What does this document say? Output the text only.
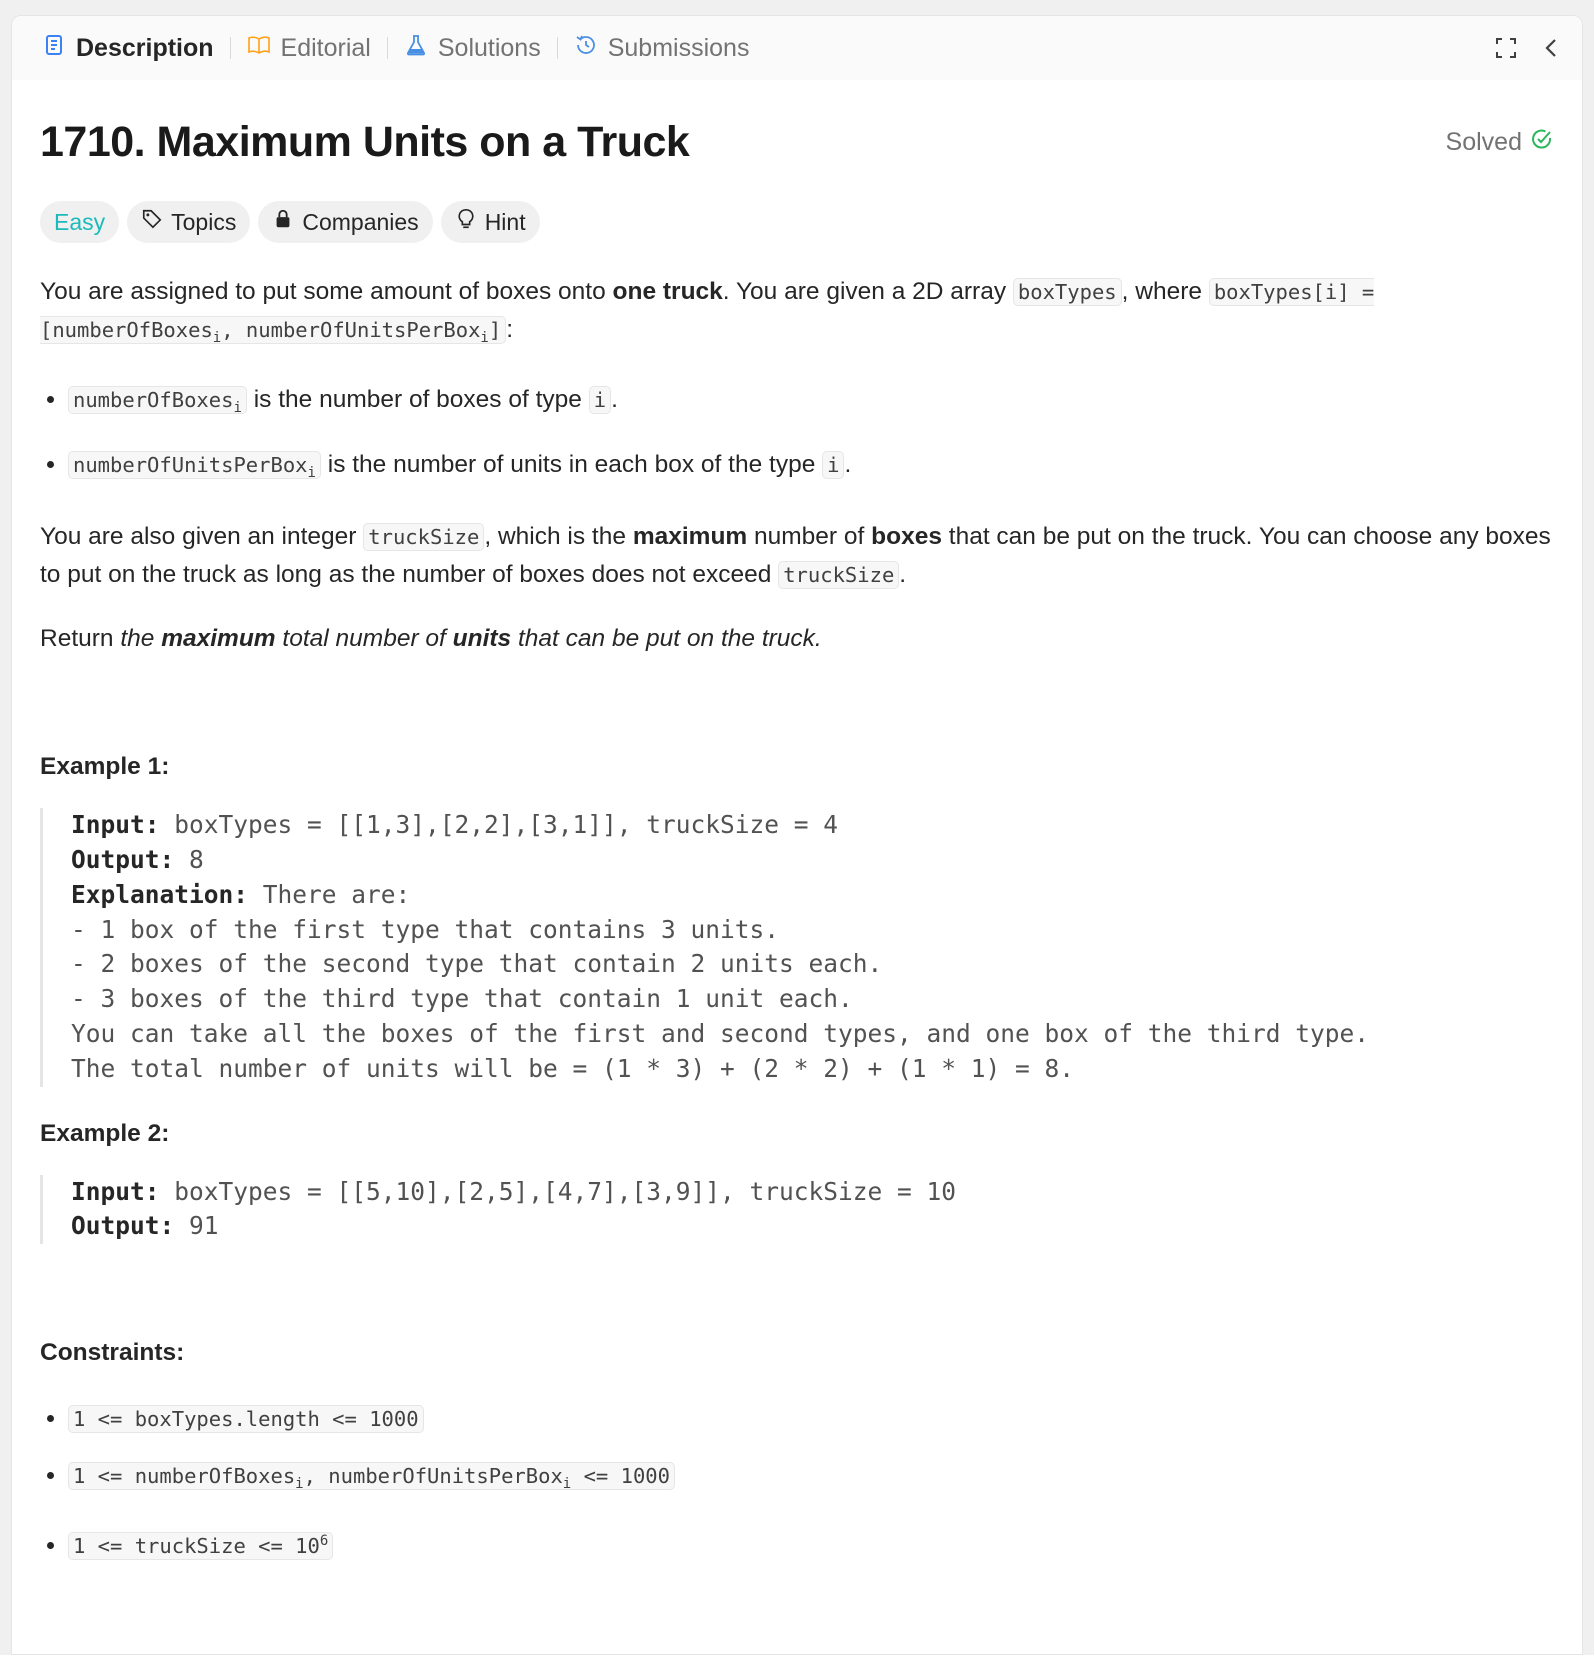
Description	Editorial	Solutions	Submissions
1710. Maximum Units on a Truck	Solved
Easy	Topics	Companies	Hint

You are assigned to put some amount of boxes onto one truck. You are given a 2D array boxTypes , where boxTypes[i] = [numberOfBoxes$_i$, numberOfUnitsPerBox$_i$] :

• numberOfBoxes$_i$ is the number of boxes of type i .
• numberOfUnitsPerBox$_i$ is the number of units in each box of the type i .

You are also given an integer truckSize , which is the maximum number of boxes that can be put on the truck. You can choose any boxes to put on the truck as long as the number of boxes does not exceed truckSize .

Return the maximum total number of units that can be put on the truck.

Example 1:

Input: boxTypes = [[1,3],[2,2],[3,1]], truckSize = 4
Output: 8
Explanation: There are:
- 1 box of the first type that contains 3 units.
- 2 boxes of the second type that contain 2 units each.
- 3 boxes of the third type that contain 1 unit each.
You can take all the boxes of the first and second types, and one box of the third type.
The total number of units will be = (1 * 3) + (2 * 2) + (1 * 1) = 8.

Example 2:

Input: boxTypes = [[5,10],[2,5],[4,7],[3,9]], truckSize = 10
Output: 91

Constraints:

• 1 <= boxTypes.length <= 1000
• 1 <= numberOfBoxes$_i$, numberOfUnitsPerBox$_i$ <= 1000
• 1 <= truckSize <= $10^6$
